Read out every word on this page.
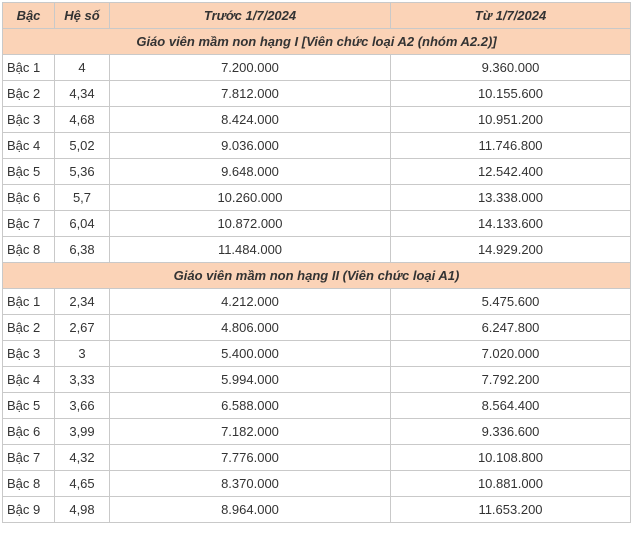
Bậc	Hệ số	Trước 1/7/2024	Từ 1/7/2024
Giáo viên mầm non hạng I [Viên chức loại A2 (nhóm A2.2)]			
Bậc 1	4	7.200.000	9.360.000
Bậc 2	4,34	7.812.000	10.155.600
Bậc 3	4,68	8.424.000	10.951.200
Bậc 4	5,02	9.036.000	11.746.800
Bậc 5	5,36	9.648.000	12.542.400
Bậc 6	5,7	10.260.000	13.338.000
Bậc 7	6,04	10.872.000	14.133.600
Bậc 8	6,38	11.484.000	14.929.200
Giáo viên mầm non hạng II (Viên chức loại A1)			
Bậc 1	2,34	4.212.000	5.475.600
Bậc 2	2,67	4.806.000	6.247.800
Bậc 3	3	5.400.000	7.020.000
Bậc 4	3,33	5.994.000	7.792.200
Bậc 5	3,66	6.588.000	8.564.400
Bậc 6	3,99	7.182.000	9.336.600
Bậc 7	4,32	7.776.000	10.108.800
Bậc 8	4,65	8.370.000	10.881.000
Bậc 9	4,98	8.964.000	11.653.200
